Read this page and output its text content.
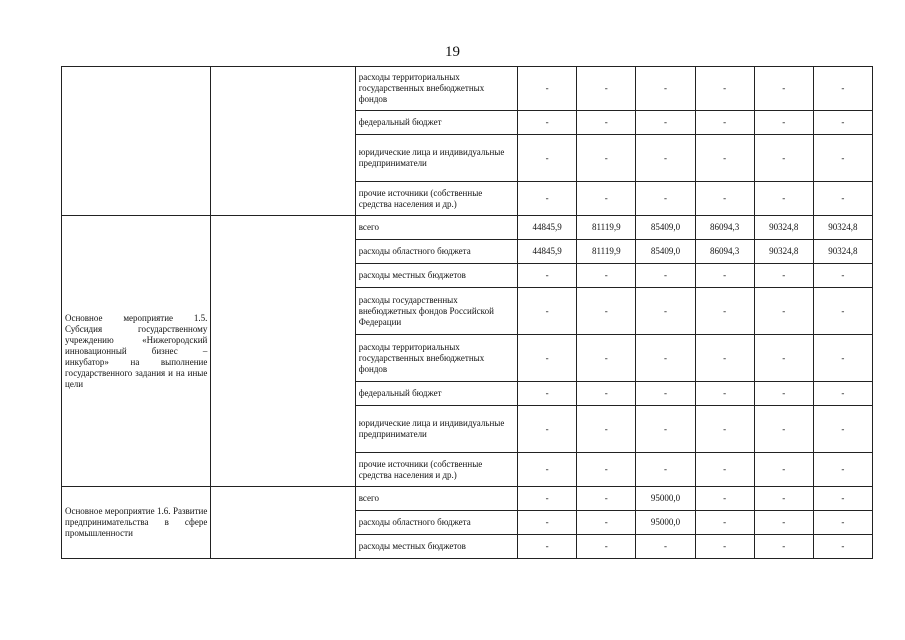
19
		расходы территориальных государственных внебюджетных фондов	-	-	-	-	-	-
		федеральный бюджет	-	-	-	-	-	-
		юридические лица и индивидуальные предприниматели	-	-	-	-	-	-
		прочие источники (собственные средства населения и др.)	-	-	-	-	-	-
Основное мероприятие 1.5. Субсидия государственному учреждению «Нижегородский инновационный бизнес – инкубатор» на выполнение государственного задания и на иные цели		всего	44845,9	81119,9	85409,0	86094,3	90324,8	90324,8
		расходы областного бюджета	44845,9	81119,9	85409,0	86094,3	90324,8	90324,8
		расходы местных бюджетов	-	-	-	-	-	-
		расходы государственных внебюджетных фондов Российской Федерации	-	-	-	-	-	-
		расходы территориальных государственных внебюджетных фондов	-	-	-	-	-	-
		федеральный бюджет	-	-	-	-	-	-
		юридические лица и индивидуальные предприниматели	-	-	-	-	-	-
		прочие источники (собственные средства населения и др.)	-	-	-	-	-	-
Основное мероприятие 1.6. Развитие предпринимательства в сфере промышленности		всего	-	-	95000,0	-	-	-
		расходы областного бюджета	-	-	95000,0	-	-	-
		расходы местных бюджетов	-	-	-	-	-	-
